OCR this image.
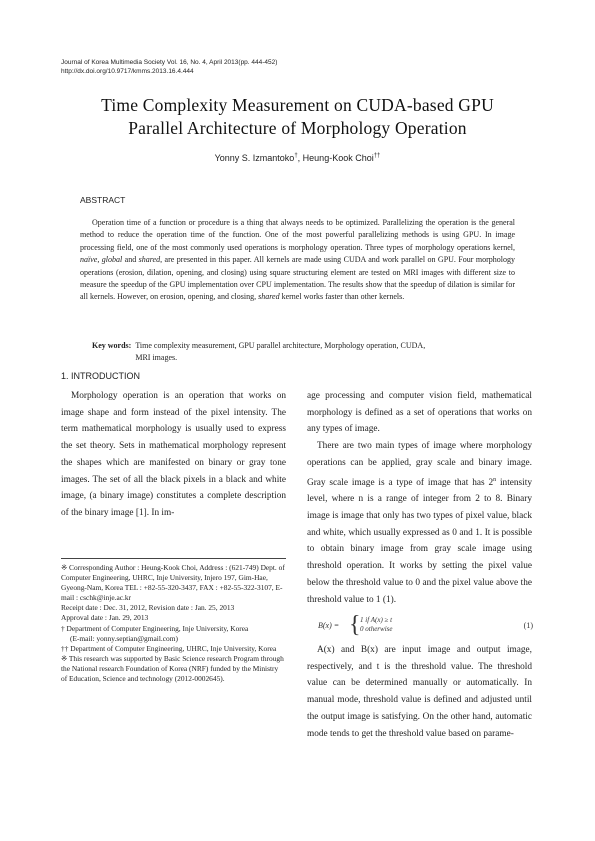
Journal of Korea Multimedia Society Vol. 16, No. 4, April 2013(pp. 444-452)
http://dx.doi.org/10.9717/kmms.2013.16.4.444
Time Complexity Measurement on CUDA-based GPU
Parallel Architecture of Morphology Operation
Yonny S. Izmantoko†, Heung-Kook Choi††
ABSTRACT

Operation time of a function or procedure is a thing that always needs to be optimized. Parallelizing the operation is the general method to reduce the operation time of the function. One of the most powerful parallelizing methods is using GPU. In image processing field, one of the most commonly used operations is morphology operation. Three types of morphology operations kernel, naïve, global and shared, are presented in this paper. All kernels are made using CUDA and work parallel on GPU. Four morphology operations (erosion, dilation, opening, and closing) using square structuring element are tested on MRI images with different size to measure the speedup of the GPU implementation over CPU implementation. The results show that the speedup of dilation is similar for all kernels. However, on erosion, opening, and closing, shared kernel works faster than other kernels.

Key words: Time complexity measurement, GPU parallel architecture, Morphology operation, CUDA,
MRI images.
1. INTRODUCTION

Morphology operation is an operation that works on image shape and form instead of the pixel intensity. The term mathematical morphology is usually used to express the set theory. Sets in mathematical morphology represent the shapes which are manifested on binary or gray tone images. The set of all the black pixels in a black and white image, (a binary image) constitutes a complete description of the binary image [1]. In im-

※ Corresponding Author : Heung-Kook Choi, Address : (621-749) Dept. of Computer Engineering, UHRC, Inje University, Injero 197, Gim-Hae, Gyeong-Nam, Korea TEL : +82-55-320-3437, FAX : +82-55-322-3107, E-mail : cschk@inje.ac.kr
Receipt date : Dec. 31, 2012, Revision date : Jan. 25, 2013
Approval date : Jan. 29, 2013
† Department of Computer Engineering, Inje University, Korea
(E-mail: yonny.septian@gmail.com)
†† Department of Computer Engineering, UHRC, Inje University, Korea
※ This research was supported by Basic Science research Program through the National research Foundation of Korea (NRF) funded by the Ministry of Education, Science and technology (2012-0002645).

age processing and computer vision field, mathematical morphology is defined as a set of operations that works on any types of image.

There are two main types of image where morphology operations can be applied, gray scale and binary image. Gray scale image is a type of image that has 2$^n$ intensity level, where n is a range of integer from 2 to 8. Binary image is image that only has two types of pixel value, black and white, which usually expressed as 0 and 1. It is possible to obtain binary image from gray scale image using threshold operation. It works by setting the pixel value below the threshold value to 0 and the pixel value above the threshold value to 1 (1).

B(x) = { 1 if A(x) ≥ t
0 otherwise	(1)

A(x) and B(x) are input image and output image, respectively, and t is the threshold value. The threshold value can be determined manually or automatically. In manual mode, threshold value is defined and adjusted until the output image is satisfying. On the other hand, automatic mode tends to get the threshold value based on parame-
